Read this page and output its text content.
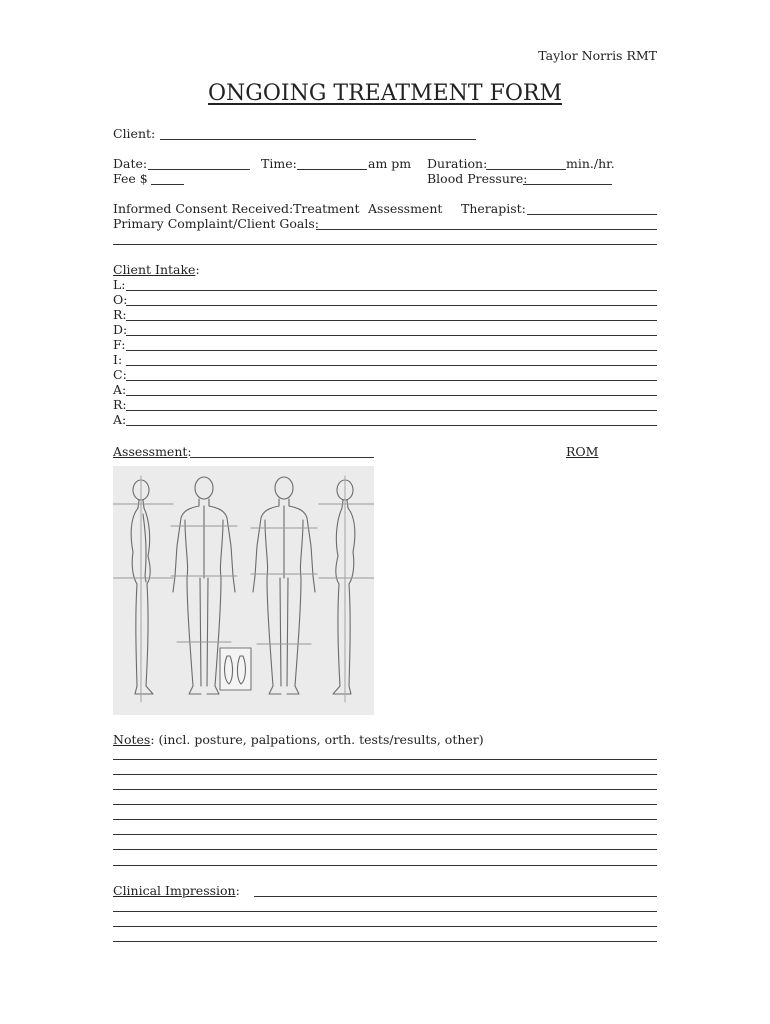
Taylor Norris RMT
ONGOING TREATMENT FORM
Client:
Date:	Time:	am pm Duration:	min./hr.
Fee $	Blood Pressure:
Informed Consent Received: Treatment Assessment Therapist:
Primary Complaint/Client Goals:
Client Intake:
L:
O:
R:
D:
F:
I:
C:
A:
R:
A:
Assessment:	ROM
Notes: (incl. posture, palpations, orth. tests/results, other)
Clinical Impression:
